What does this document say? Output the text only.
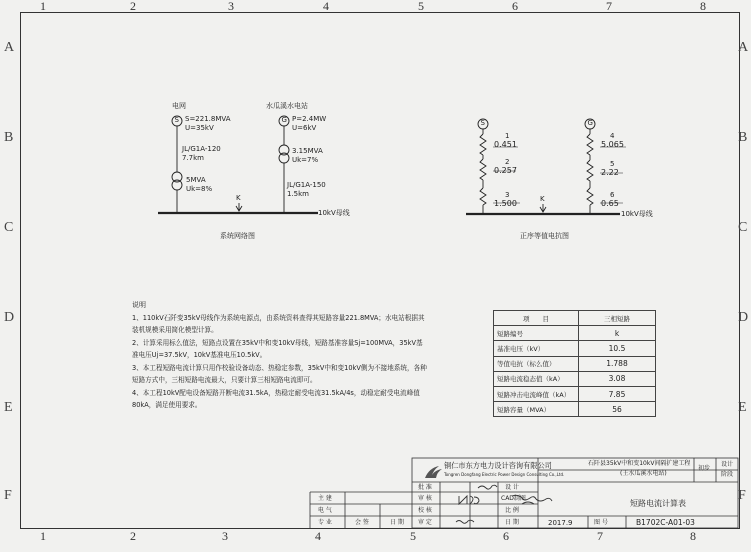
1	2	3	4	5	6	7	8
1	2	3	4	5	6	7	8
A
B
C
D
E
F
A
B
C
D
E
F
电网
S S=221.8MVA
U=35kV
JL/G1A-120
7.7km
5MVA
Uk=8%
水瓜溪水电站
G P=2.4MW
U=6kV
3.15MVA
Uk=7%
JL/G1A-150
1.5km
K
10kV母线
系统网络图
S	G
1
0.451
2
0.257
3
1.500
4
5.065
5
2.22
6
0.65
K
10kV母线
正序等值电抗图

说明

1、110kV石阡变35kV母线作为系统电源点，由系统资料查得其短路容量221.8MVA；水电站根据其

装机规模采用简化模型计算。

2、计算采用标么值法，短路点设置在35kV中和变10kV母线，短路基准容量Sj=100MVA，35kV基

准电压Uj=37.5kV，10kV基准电压10.5kV。

3、本工程短路电流计算只用作校验设备动态、热稳定参数，35kV中和变10kV侧为不接地系统，各种

短路方式中，三相短路电流最大，只要计算三相短路电流即可。

4、本工程10kV配电设备短路开断电流31.5kA，热稳定耐受电流31.5kA/4s，动稳定耐受电流峰值

80kA，满足使用要求。

项　　目	三相短路
短路编号	k
基准电压（kV）	10.5
等值电抗（标么值）	1.788
短路电流稳态值（kA）	3.08
短路冲击电流峰值（kA）	7.85
短路容量（MVA）	56
铜仁市东方电力设计咨询有限公司
Tongren Dongfang Electric Power Design Consulting Co.,Ltd.
石阡县35kV中和变10kV间隔扩建工程
(王水瓜溪水电站)
初步
设计
阶段
批 准
审 核
校 核
审 定
设 计
CAD制图
比 例
日 期	2017.9
主 建
电 气
专 业	会 签	日 期
短路电流计算表
图 号	B1702C-A01-03
